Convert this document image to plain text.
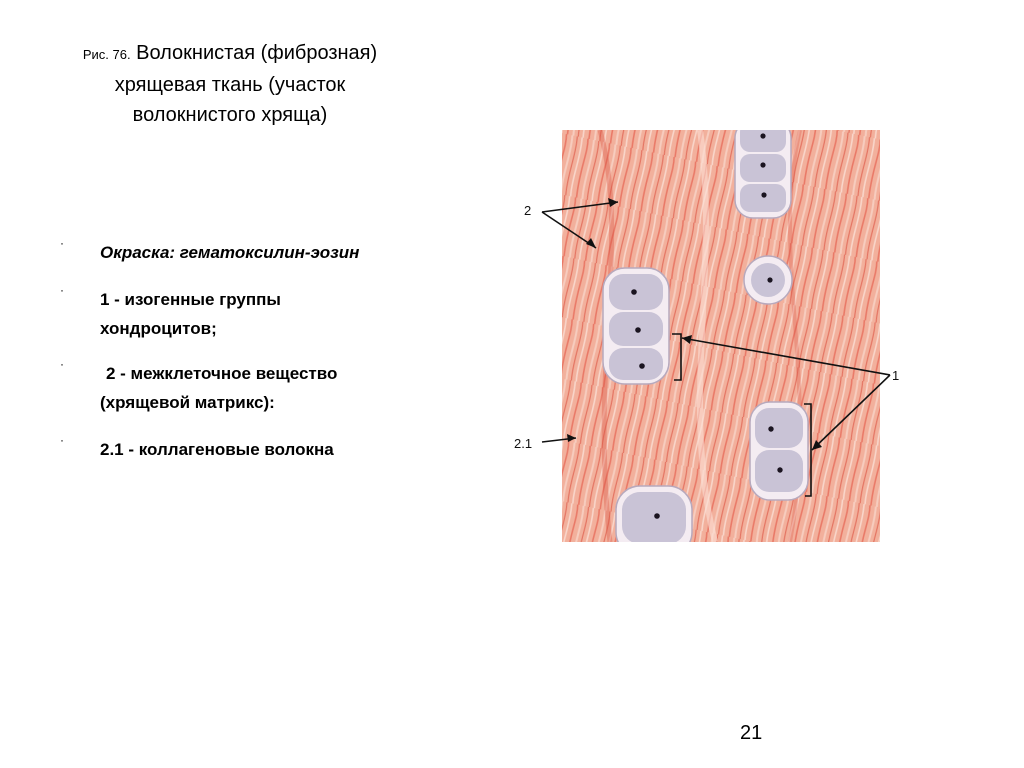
Рис. 76. Волокнистая (фиброзная) хрящевая ткань (участок волокнистого хряща)
· Окраска: гематоксилин-эозин
· 1 - изогенные группы хондроцитов;
· 2 - межклеточное вещество (хрящевой матрикс):
· 2.1 - коллагеновые волокна
2
1
2.1
21
